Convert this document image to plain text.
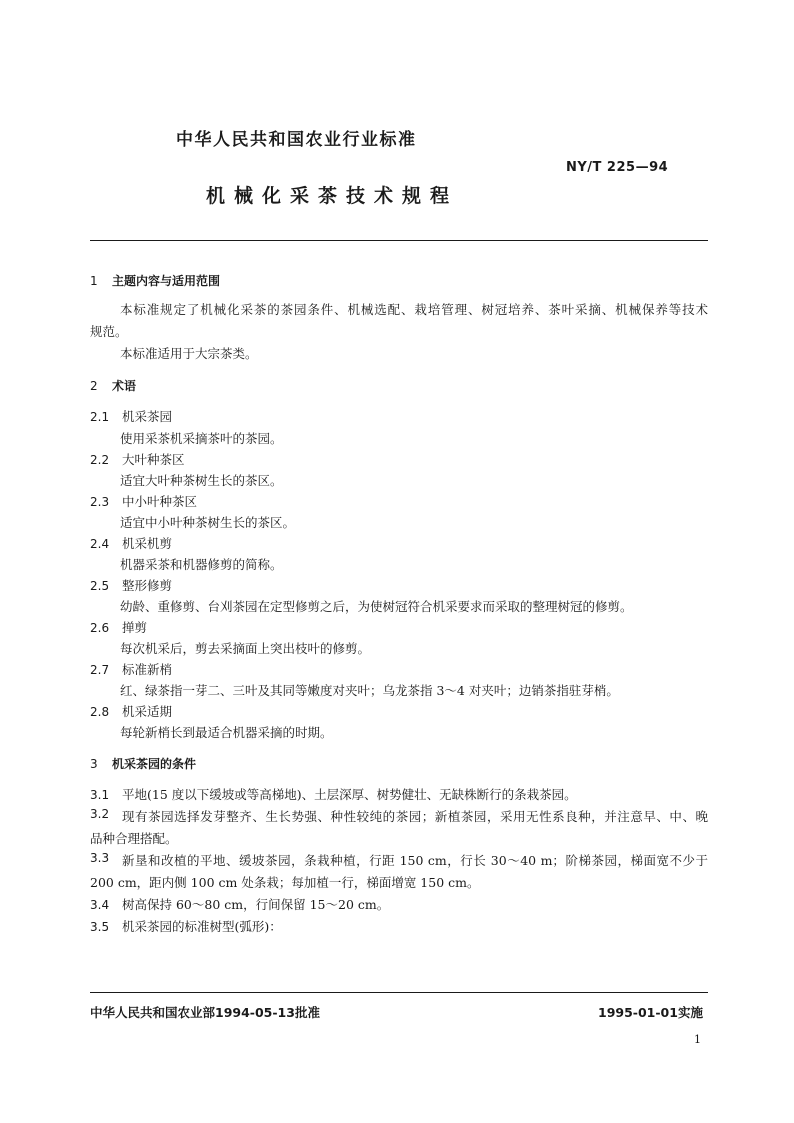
中华人民共和国农业行业标准
NY/T 225—94
机械化采茶技术规程
1 主题内容与适用范围
本标准规定了机械化采茶的茶园条件、机械选配、栽培管理、树冠培养、茶叶采摘、机械保养等技术
规范。
本标准适用于大宗茶类。
2 术语
2.1 机采茶园
使用采茶机采摘茶叶的茶园。
2.2 大叶种茶区
适宜大叶种茶树生长的茶区。
2.3 中小叶种茶区
适宜中小叶种茶树生长的茶区。
2.4 机采机剪
机器采茶和机器修剪的简称。
2.5 整形修剪
幼龄、重修剪、台刈茶园在定型修剪之后，为使树冠符合机采要求而采取的整理树冠的修剪。
2.6 掸剪
每次机采后，剪去采摘面上突出枝叶的修剪。
2.7 标准新梢
红、绿茶指一芽二、三叶及其同等嫩度对夹叶；乌龙茶指 3～4 对夹叶；边销茶指驻芽梢。
2.8 机采适期
每轮新梢长到最适合机器采摘的时期。
3 机采茶园的条件
3.1 平地(15 度以下缓坡或等高梯地)、土层深厚、树势健壮、无缺株断行的条栽茶园。
3.2	现有茶园选择发芽整齐、生长势强、种性较纯的茶园；新植茶园，采用无性系良种，并注意早、中、晚
品种合理搭配。
3.3	新垦和改植的平地、缓坡茶园，条栽种植，行距 150 cm，行长 30～40 m；阶梯茶园，梯面宽不少于
200 cm，距内侧 100 cm 处条栽；每加植一行，梯面增宽 150 cm。
3.4 树高保持 60～80 cm，行间保留 15～20 cm。
3.5 机采茶园的标准树型(弧形)：
中华人民共和国农业部1994-05-13批准	1995-01-01实施
1
